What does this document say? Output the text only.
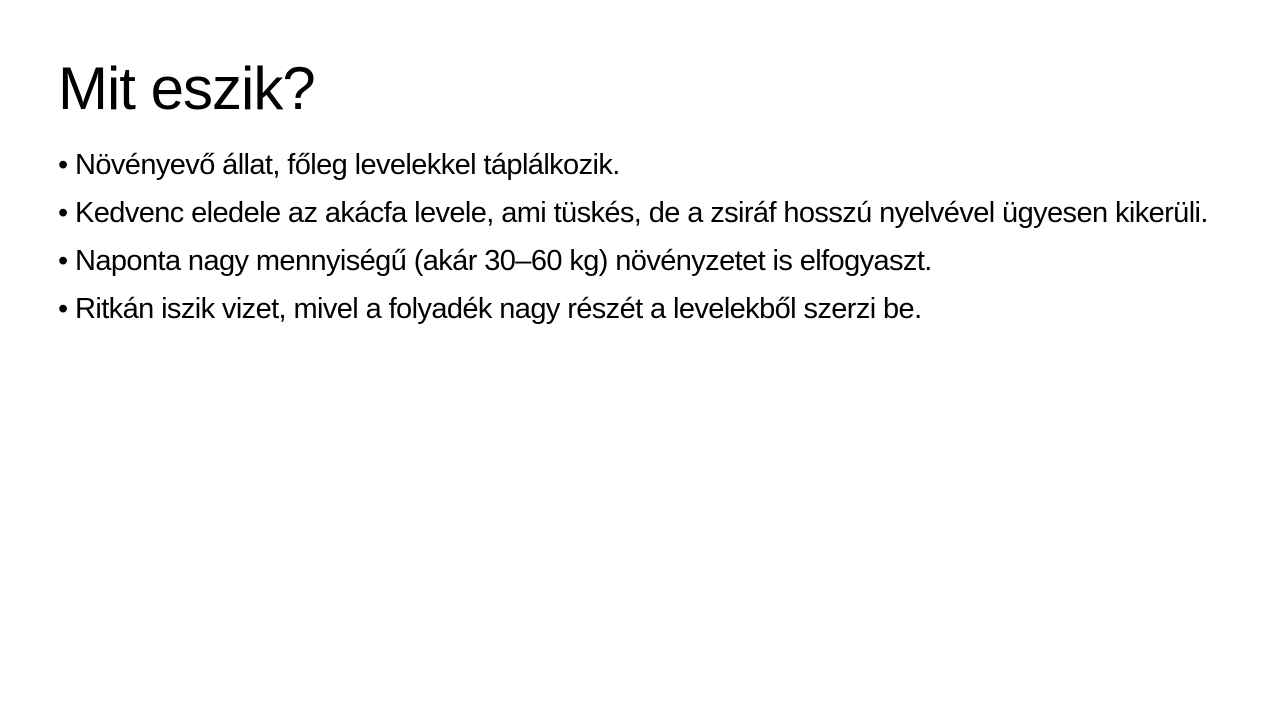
Mit eszik?
• Növényevő állat, főleg levelekkel táplálkozik.
• Kedvenc eledele az akácfa levele, ami tüskés, de a zsiráf hosszú nyelvével ügyesen kikerüli.
• Naponta nagy mennyiségű (akár 30–60 kg) növényzetet is elfogyaszt.
• Ritkán iszik vizet, mivel a folyadék nagy részét a levelekből szerzi be.
